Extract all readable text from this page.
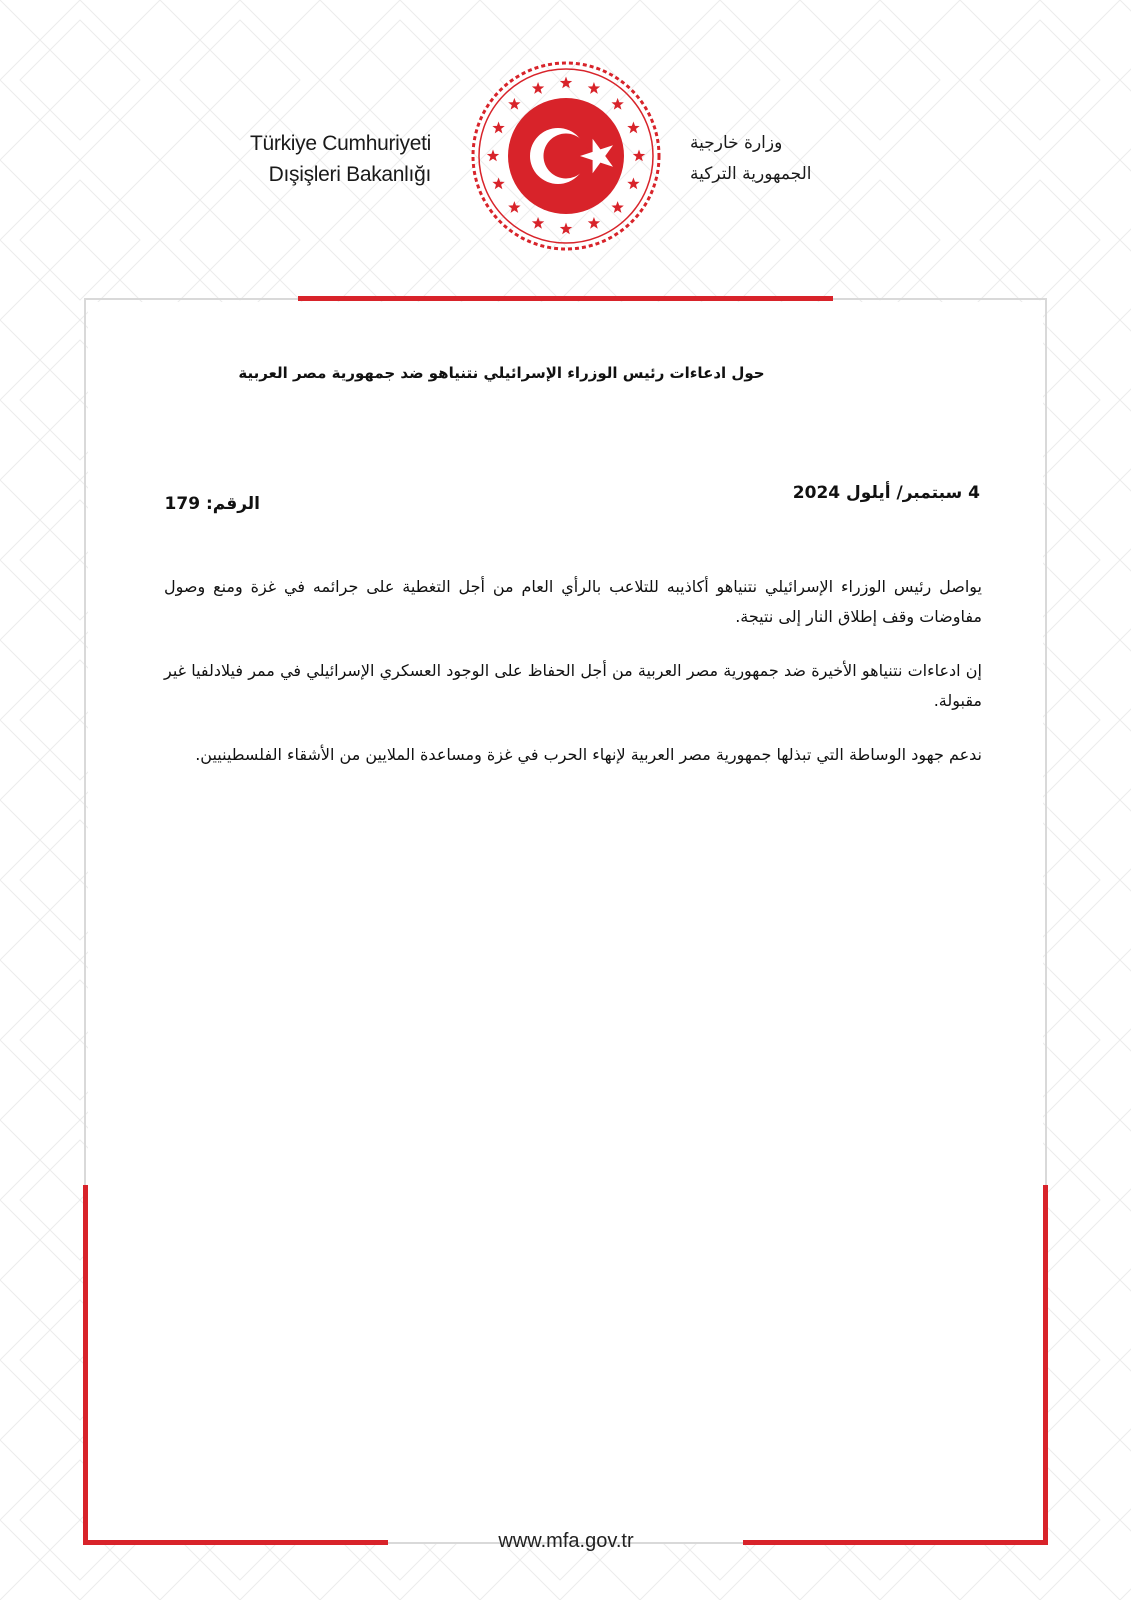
Türkiye Cumhuriyeti
Dışişleri Bakanlığı
وزارة خارجية
الجمهورية التركية
حول ادعاءات رئيس الوزراء الإسرائيلي نتنياهو ضد جمهورية مصر العربية
4 سبتمبر/ أيلول 2024
الرقم: 179

يواصل رئيس الوزراء الإسرائيلي نتنياهو أكاذيبه للتلاعب بالرأي العام من أجل التغطية على جرائمه في غزة ومنع وصول مفاوضات وقف إطلاق النار إلى نتيجة.

إن ادعاءات نتنياهو الأخيرة ضد جمهورية مصر العربية من أجل الحفاظ على الوجود العسكري الإسرائيلي في ممر فيلادلفيا غير مقبولة.

ندعم جهود الوساطة التي تبذلها جمهورية مصر العربية لإنهاء الحرب في غزة ومساعدة الملايين من الأشقاء الفلسطينيين.

www.mfa.gov.tr
